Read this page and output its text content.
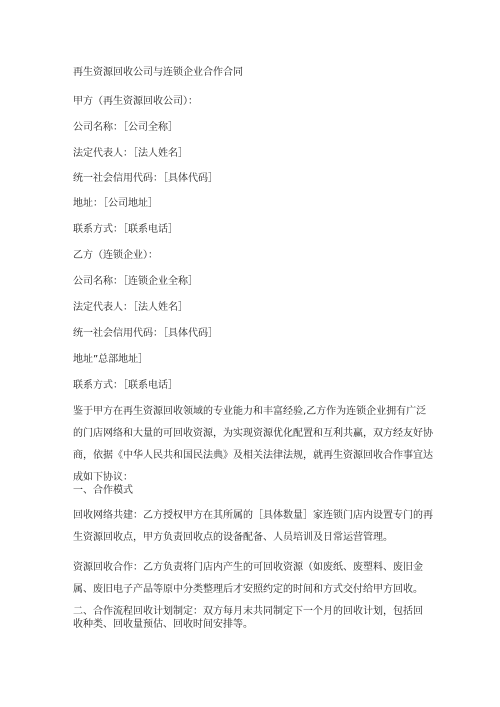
再生资源回收公司与连锁企业合作合同
甲方（再生资源回收公司）：
公司名称：［公司全称］
法定代表人：［法人姓名］
统一社会信用代码：［具体代码］
地址：［公司地址］
联系方式：［联系电话］
乙方（连锁企业）：
公司名称：［连锁企业全称］
法定代表人：［法人姓名］
统一社会信用代码：［具体代码］
地址”总部地址］
联系方式：［联系电话］
鉴于甲方在再生资源回收领域的专业能力和丰富经验,乙方作为连锁企业拥有广泛的门店网络和大量的可回收资源，为实现资源优化配置和互利共赢，双方经友好协商，依据《中华人民共和国民法典》及相关法律法规，就再生资源回收合作事宜达成如下协议：
一、合作模式
回收网络共建：乙方授权甲方在其所属的［具体数量］家连锁门店内设置专门的再生资源回收点，甲方负责回收点的设备配备、人员培训及日常运营管理。
资源回收合作：乙方负责将门店内产生的可回收资源（如废纸、废塑料、废旧金属、废旧电子产品等原中分类整理后才安照约定的时间和方式交付给甲方回收。
二、合作流程回收计划制定：双方每月末共同制定下一个月的回收计划，包括回收种类、回收量预估、回收时间安排等。
